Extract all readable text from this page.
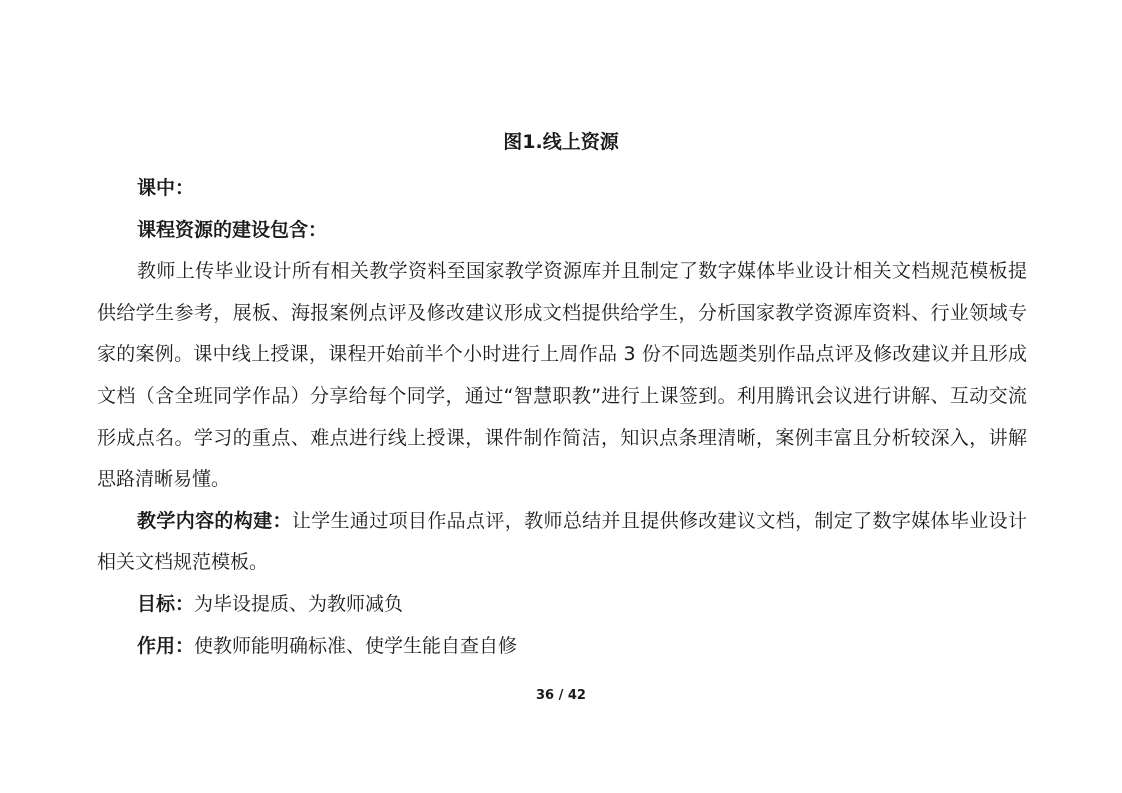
图1.线上资源

课中：

课程资源的建设包含：

教师上传毕业设计所有相关教学资料至国家教学资源库并且制定了数字媒体毕业设计相关文档规范模板提供给学生参考，展板、海报案例点评及修改建议形成文档提供给学生，分析国家教学资源库资料、行业领域专家的案例。课中线上授课，课程开始前半个小时进行上周作品 3 份不同选题类别作品点评及修改建议并且形成文档（含全班同学作品）分享给每个同学，通过“智慧职教”进行上课签到。利用腾讯会议进行讲解、互动交流形成点名。学习的重点、难点进行线上授课，课件制作简洁，知识点条理清晰，案例丰富且分析较深入，讲解思路清晰易懂。

教学内容的构建：让学生通过项目作品点评，教师总结并且提供修改建议文档，制定了数字媒体毕业设计相关文档规范模板。

目标：为毕设提质、为教师减负

作用：使教师能明确标准、使学生能自查自修

36 / 42
